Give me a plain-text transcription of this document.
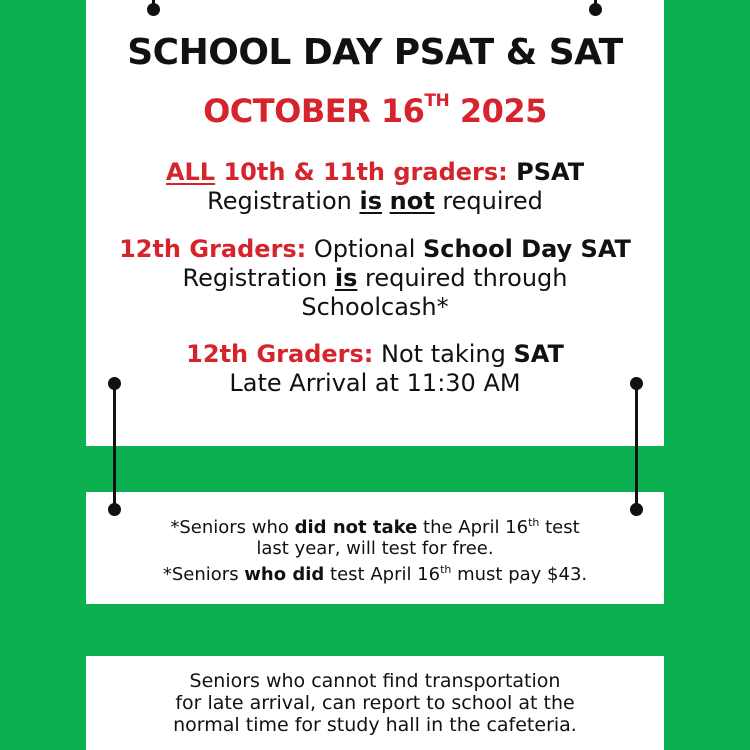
SCHOOL DAY PSAT & SAT
OCTOBER 16TH 2025
ALL 10th & 11th graders: PSAT
Registration is not required
12th Graders: Optional School Day SAT
Registration is required through
Schoolcash*
12th Graders: Not taking SAT
Late Arrival at 11:30 AM
*Seniors who did not take the April 16th test
last year, will test for free.
*Seniors who did test April 16th must pay $43.
Seniors who cannot find transportation
for late arrival, can report to school at the
normal time for study hall in the cafeteria.
